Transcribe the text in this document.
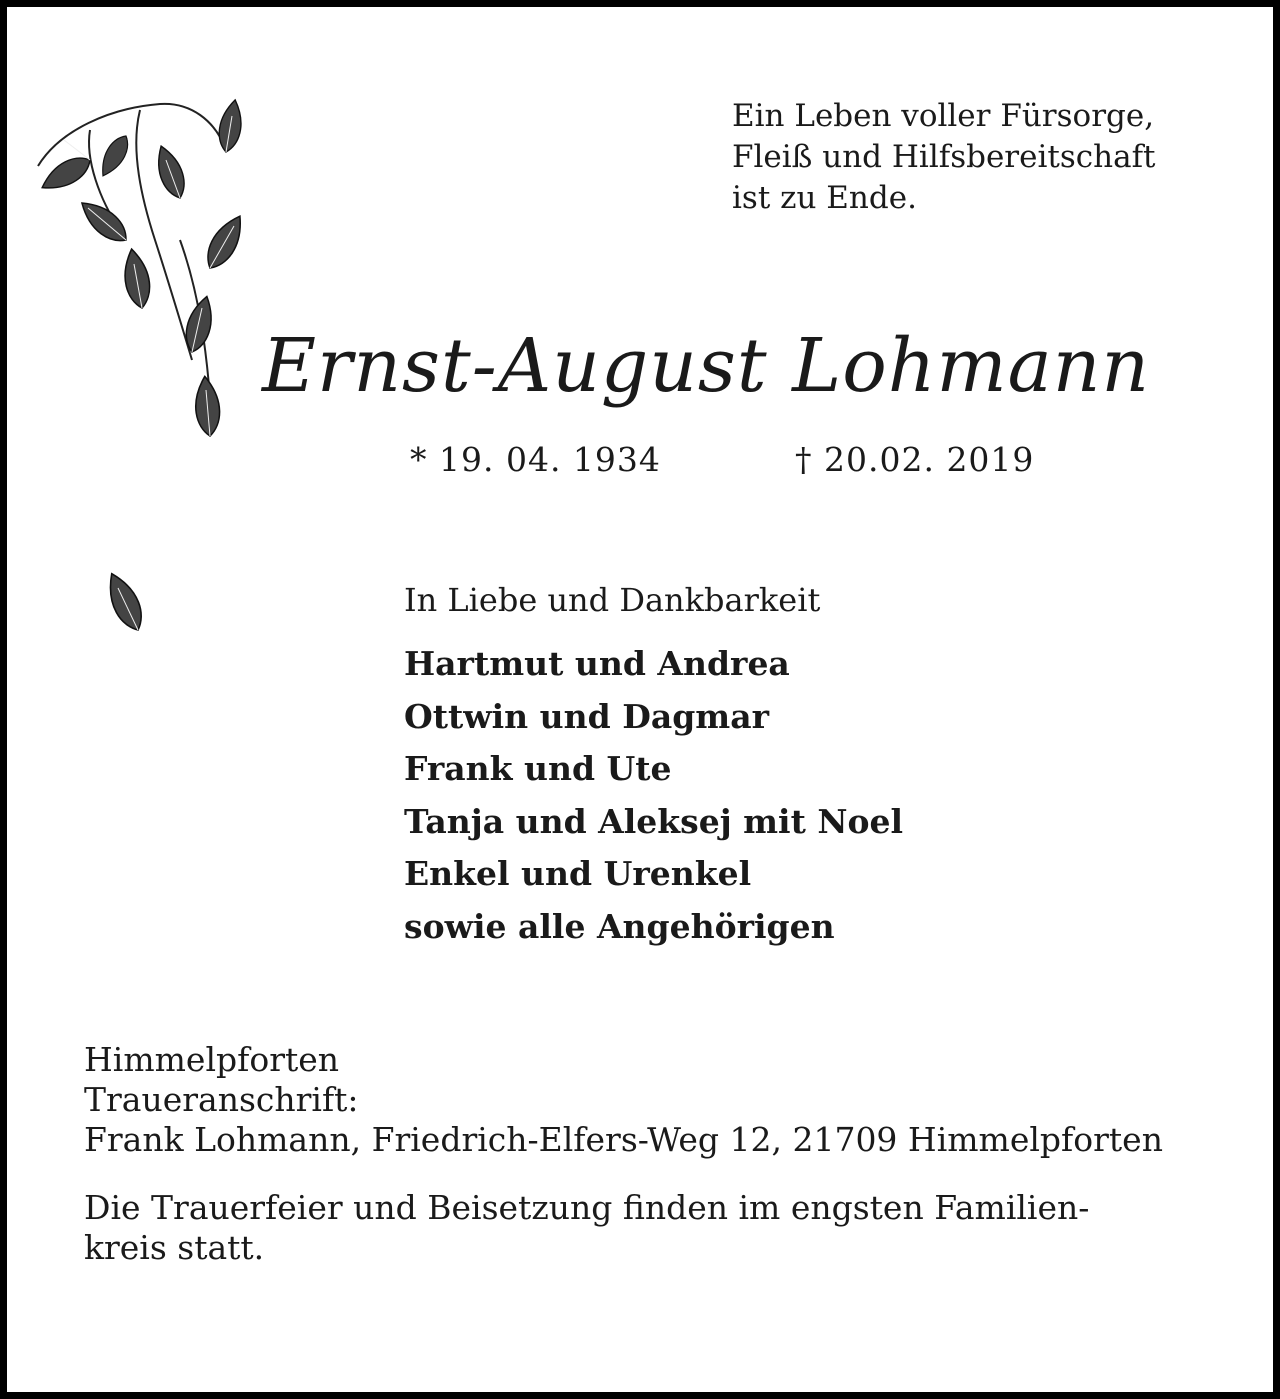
Ein Leben voller Fürsorge,
Fleiß und Hilfsbereitschaft
ist zu Ende.
Ernst-August Lohmann
* 19. 04. 1934	† 20.02. 2019
In Liebe und Dankbarkeit
Hartmut und Andrea
Ottwin und Dagmar
Frank und Ute
Tanja und Aleksej mit Noel
Enkel und Urenkel
sowie alle Angehörigen
Himmelpforten
Traueranschrift:
Frank Lohmann, Friedrich-Elfers-Weg 12, 21709 Himmelpforten
Die Trauerfeier und Beisetzung finden im engsten Familien-
kreis statt.
